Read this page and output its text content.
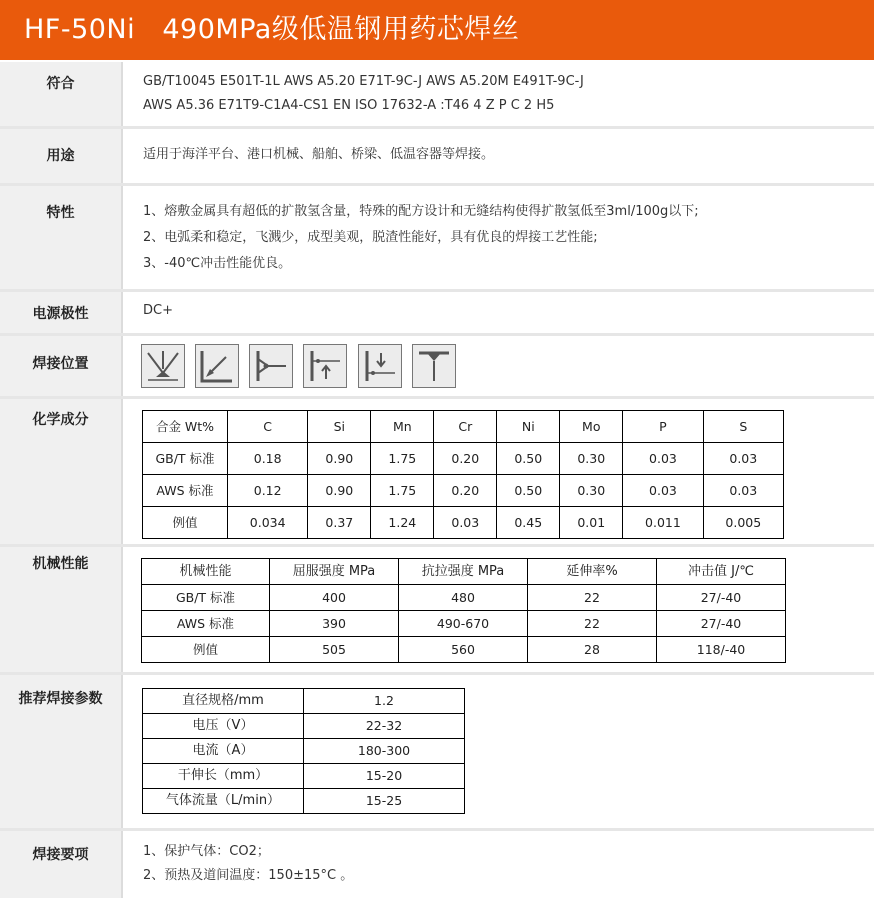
HF-50Ni   490MPa级低温钢用药芯焊丝
符合	GB/T10045 E501T-1L AWS A5.20 E71T-9C-J AWS A5.20M E491T-9C-J
AWS A5.36 E71T9-C1A4-CS1 EN ISO 17632-A :T46 4 Z P C 2 H5
用途	适用于海洋平台、港口机械、船舶、桥梁、低温容器等焊接。
特性	1、熔敷金属具有超低的扩散氢含量，特殊的配方设计和无缝结构使得扩散氢低至3ml/100g以下;
2、电弧柔和稳定，飞溅少，成型美观，脱渣性能好，具有优良的焊接工艺性能;
3、-40℃冲击性能优良。
电源极性	DC+
焊接位置

化学成分	合金 Wt%	C	Si	Mn	Cr	Ni	Mo	P	S
GB/T 标准	0.18	0.90	1.75	0.20	0.50	0.30	0.03	0.03
AWS 标准	0.12	0.90	1.75	0.20	0.50	0.30	0.03	0.03
例值	0.034	0.37	1.24	0.03	0.45	0.01	0.011	0.005
机械性能	机械性能	屈服强度 MPa	抗拉强度 MPa	延伸率%	冲击值 J/℃
GB/T 标准	400	480	22	27/-40
AWS 标准	390	490-670	22	27/-40
例值	505	560	28	118/-40
推荐焊接参数	直径规格/mm	1.2
电压（V）	22-32
电流（A）	180-300
干伸长（mm）	15-20
气体流量（L/min）	15-25
焊接要项	1、保护气体：CO2；
2、预热及道间温度：150±15°C 。
